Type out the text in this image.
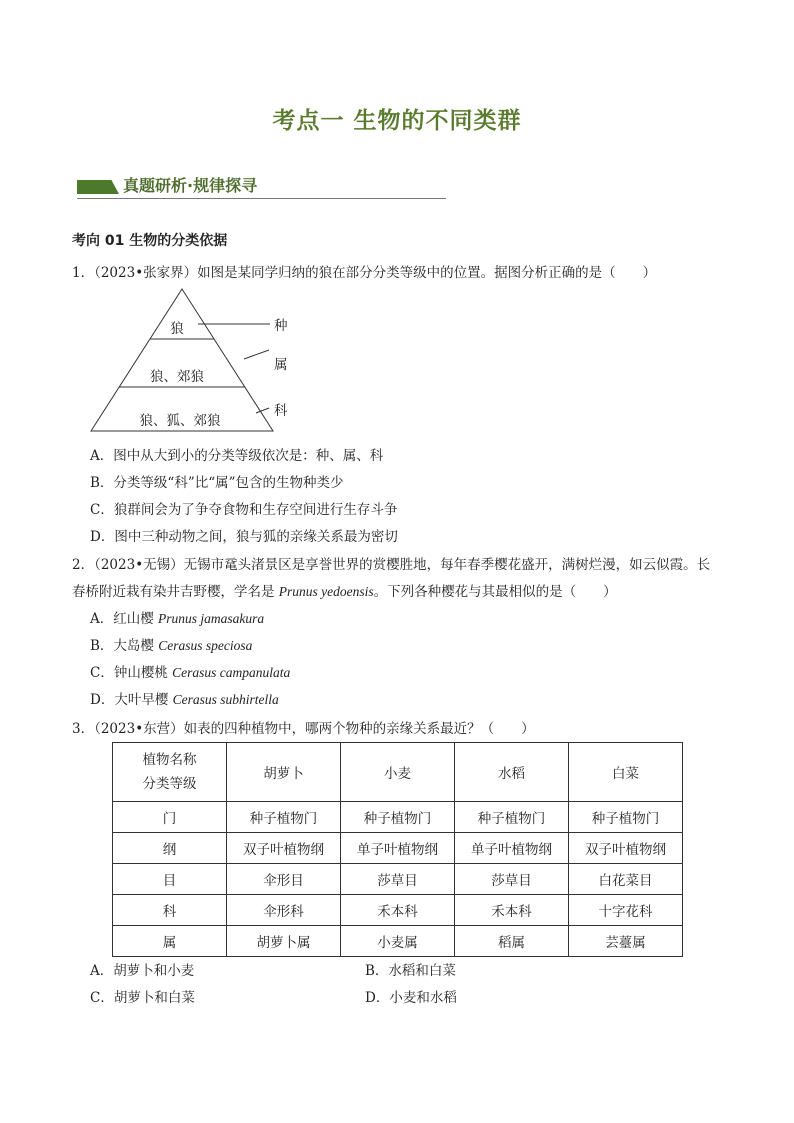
考点一 生物的不同类群
真题研析·规律探寻
考向 01 生物的分类依据
1．（2023•张家界）如图是某同学归纳的狼在部分分类等级中的位置。据图分析正确的是（　　）
狼
狼、郊狼
狼、狐、郊狼
种
属
科
A．图中从大到小的分类等级依次是：种、属、科
B．分类等级“科”比“属”包含的生物种类少
C．狼群间会为了争夺食物和生存空间进行生存斗争
D．图中三种动物之间，狼与狐的亲缘关系最为密切
2．（2023•无锡）无锡市鼋头渚景区是享誉世界的赏樱胜地，每年春季樱花盛开，满树烂漫，如云似霞。长
春桥附近栽有染井吉野樱，学名是 Prunus yedoensis。下列各种樱花与其最相似的是（　　）
A．红山樱 Prunus jamasakura
B．大岛樱 Cerasus speciosa
C．钟山樱桃 Cerasus campanulata
D．大叶早樱 Cerasus subhirtella
3．（2023•东营）如表的四种植物中，哪两个物种的亲缘关系最近？（　　）
植物名称
分类等级	胡萝卜	小麦	水稻	白菜
门	种子植物门	种子植物门	种子植物门	种子植物门
纲	双子叶植物纲	单子叶植物纲	单子叶植物纲	双子叶植物纲
目	伞形目	莎草目	莎草目	白花菜目
科	伞形科	禾本科	禾本科	十字花科
属	胡萝卜属	小麦属	稻属	芸薹属
A．胡萝卜和小麦	B．水稻和白菜
C．胡萝卜和白菜	D．小麦和水稻
